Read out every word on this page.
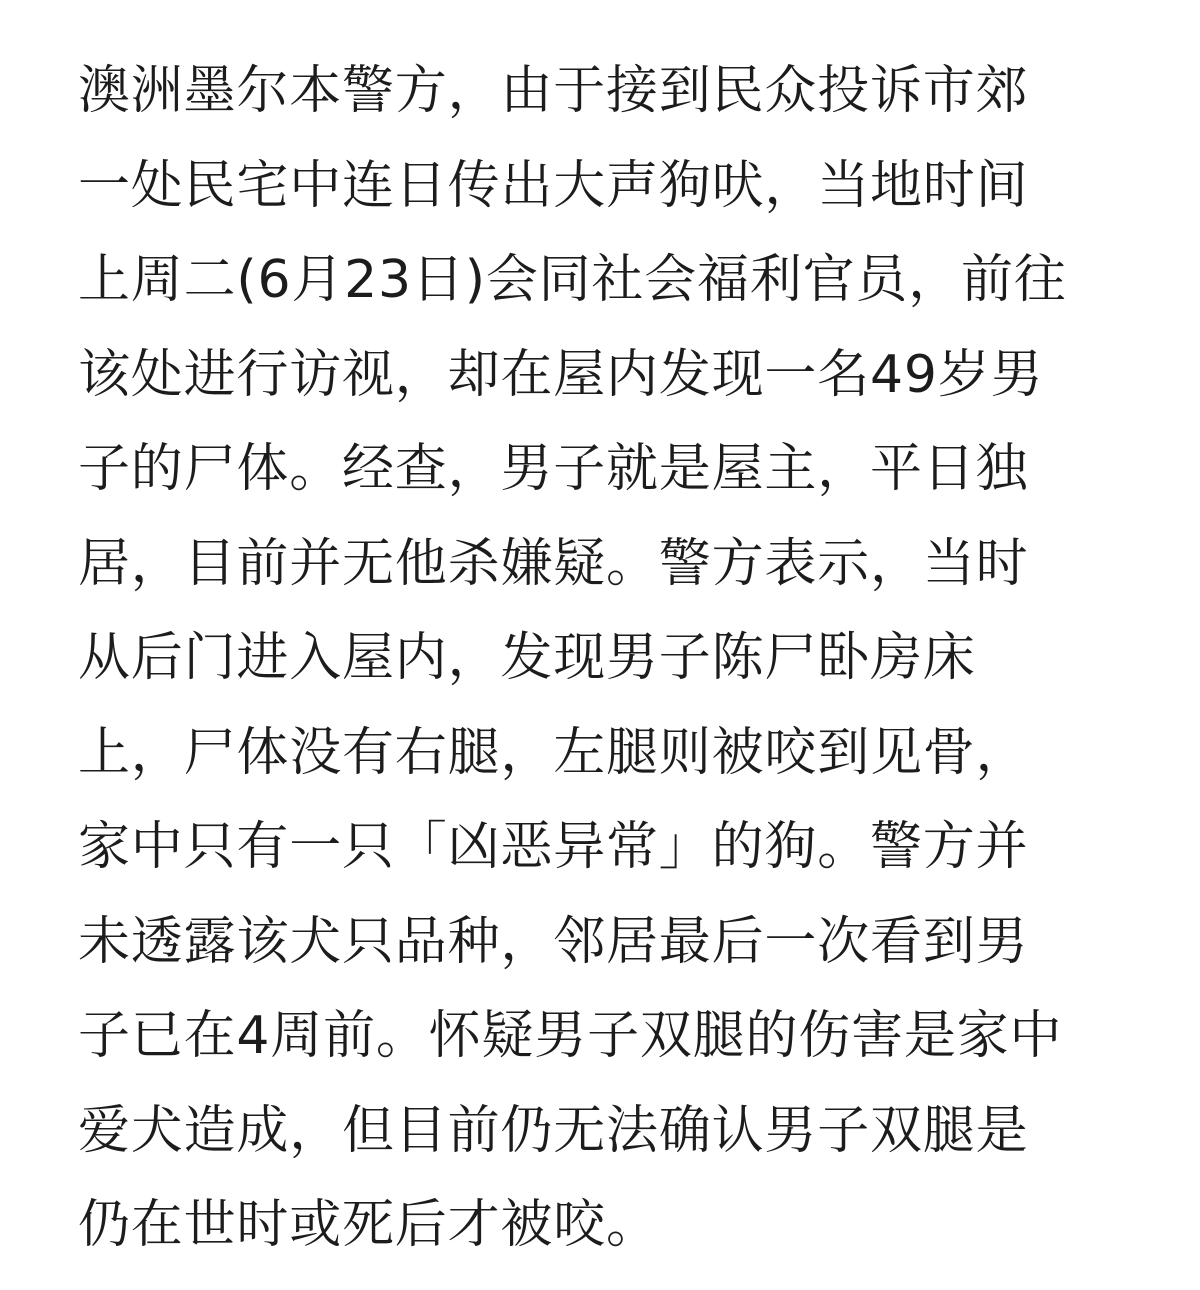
澳洲墨尔本警方，由于接到民众投诉市郊
一处民宅中连日传出大声狗吠，当地时间
上周二(6月23日)会同社会福利官员，前往
该处进行访视，却在屋内发现一名49岁男
子的尸体。经查，男子就是屋主，平日独
居，目前并无他杀嫌疑。警方表示，当时
从后门进入屋内，发现男子陈尸卧房床
上，尸体没有右腿，左腿则被咬到见骨，
家中只有一只「凶恶异常」的狗。警方并
未透露该犬只品种，邻居最后一次看到男
子已在4周前。怀疑男子双腿的伤害是家中
爱犬造成，但目前仍无法确认男子双腿是
仍在世时或死后才被咬。
